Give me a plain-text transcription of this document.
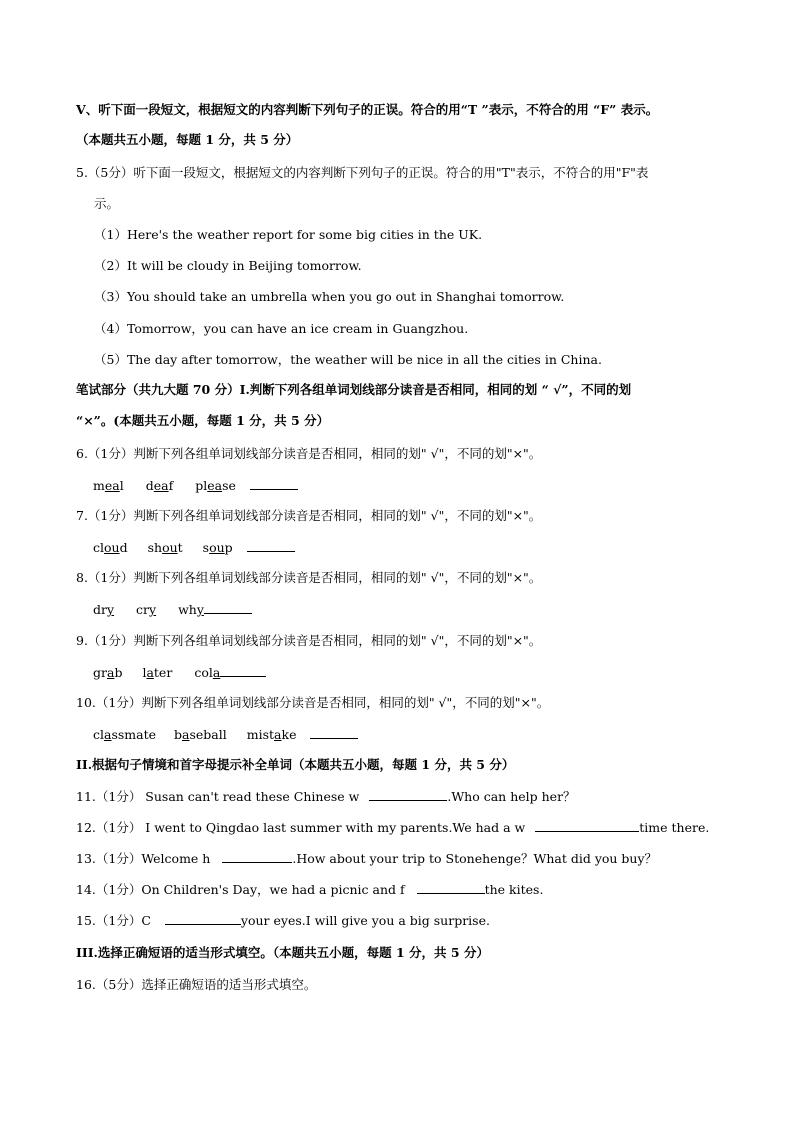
V、听下面一段短文，根据短文的内容判断下列句子的正误。符合的用“T ”表示，不符合的用 “F” 表示。
（本题共五小题，每题 1 分，共 5 分）
5.（5分）听下面一段短文，根据短文的内容判断下列句子的正误。符合的用"T"表示，不符合的用"F"表
示。
（1）Here's the weather report for some big cities in the UK.
（2）It will be cloudy in Beijing tomorrow.
（3）You should take an umbrella when you go out in Shanghai tomorrow.
（4）Tomorrow，you can have an ice cream in Guangzhou.
（5）The day after tomorrow，the weather will be nice in all the cities in China.
笔试部分（共九大题 70 分）I.判断下列各组单词划线部分读音是否相同，相同的划 “ √”，不同的划
“×”。(本题共五小题，每题 1 分，共 5 分）
6.（1分）判断下列各组单词划线部分读音是否相同，相同的划" √"，不同的划"×"。
meal deaf please
7.（1分）判断下列各组单词划线部分读音是否相同，相同的划" √"，不同的划"×"。
cloud shout soup
8.（1分）判断下列各组单词划线部分读音是否相同，相同的划" √"，不同的划"×"。
dry cry why
9.（1分）判断下列各组单词划线部分读音是否相同，相同的划" √"，不同的划"×"。
grab later cola
10.（1分）判断下列各组单词划线部分读音是否相同，相同的划" √"，不同的划"×"。
classmate baseball mistake
II.根据句子情境和首字母提示补全单词（本题共五小题，每题 1 分，共 5 分）
11.（1分） Susan can't read these Chinese w	.Who can help her？
12.（1分） I went to Qingdao last summer with my parents.We had a w	time there.
13.（1分）Welcome h	.How about your trip to Stonehenge？What did you buy？
14.（1分）On Children's Day，we had a picnic and f	the kites.
15.（1分）C	your eyes.I will give you a big surprise.
III.选择正确短语的适当形式填空。（本题共五小题，每题 1 分，共 5 分）
16.（5分）选择正确短语的适当形式填空。
